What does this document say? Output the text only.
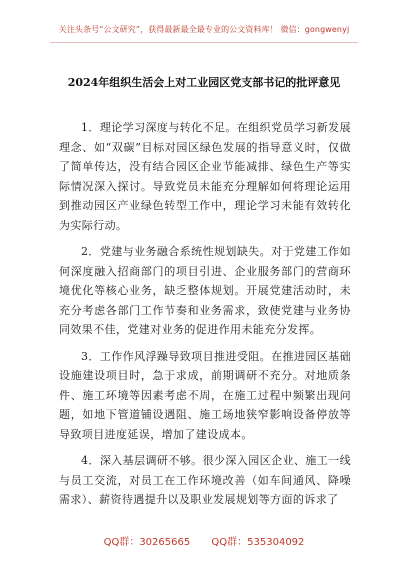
关注头条号“公文研究”，获得最新最全最专业的公文资料库！ 微信：gongwenyj
2024年组织生活会上对工业园区党支部书记的批评意见

1．理论学习深度与转化不足。在组织党员学习新发展理念、如“双碳”目标对园区绿色发展的指导意义时，仅做了简单传达，没有结合园区企业节能减排、绿色生产等实际情况深入探讨。导致党员未能充分理解如何将理论运用到推动园区产业绿色转型工作中，理论学习未能有效转化为实际行动。

2．党建与业务融合系统性规划缺失。对于党建工作如何深度融入招商部门的项目引进、企业服务部门的营商环境优化等核心业务，缺乏整体规划。开展党建活动时，未充分考虑各部门工作节奏和业务需求，致使党建与业务协同效果不佳，党建对业务的促进作用未能充分发挥。

3．工作作风浮躁导致项目推进受阻。在推进园区基础设施建设项目时，急于求成，前期调研不充分。对地质条件、施工环境等因素考虑不周，在施工过程中频繁出现问题，如地下管道铺设遇阻、施工场地狭窄影响设备停放等导致项目进度延误，增加了建设成本。

4．深入基层调研不够。很少深入园区企业、施工一线与员工交流，对员工在工作环境改善（如车间通风、降噪需求）、薪资待遇提升以及职业发展规划等方面的诉求了

QQ群：30265665 QQ群：535304092
